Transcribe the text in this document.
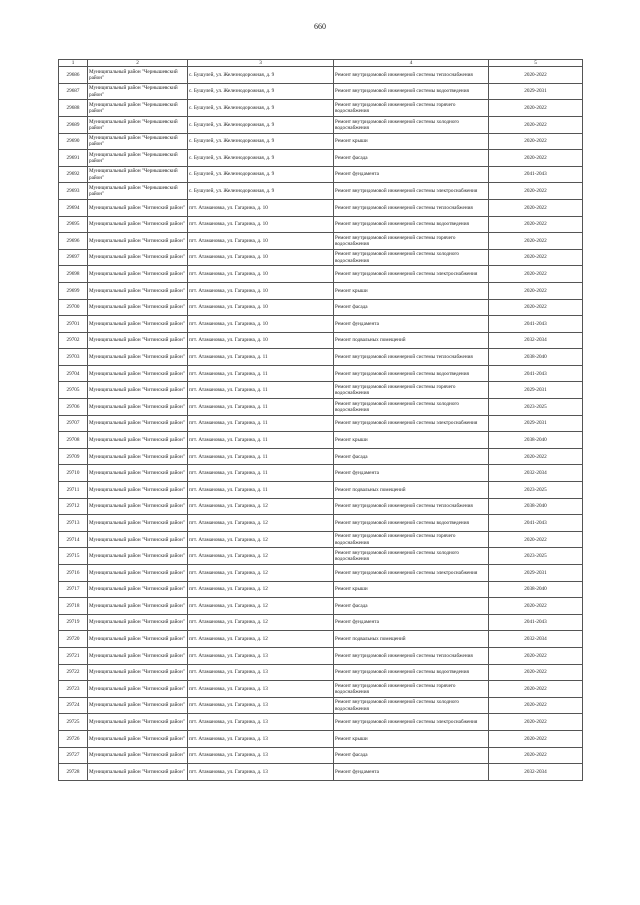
660
1	2	3	4	5
29686	Муниципальный район "Чернышевский район"	с. Бушулей, ул. Железнодорожная, д. 9	Ремонт внутридомовой инженерной системы теплоснабжения	2020-2022
29687	Муниципальный район "Чернышевский район"	с. Бушулей, ул. Железнодорожная, д. 9	Ремонт внутридомовой инженерной системы водоотведения	2029-2031
29688	Муниципальный район "Чернышевский район"	с. Бушулей, ул. Железнодорожная, д. 9	Ремонт внутридомовой инженерной системы горячего водоснабжения	2020-2022
29689	Муниципальный район "Чернышевский район"	с. Бушулей, ул. Железнодорожная, д. 9	Ремонт внутридомовой инженерной системы холодного водоснабжения	2020-2022
29690	Муниципальный район "Чернышевский район"	с. Бушулей, ул. Железнодорожная, д. 9	Ремонт крыши	2020-2022
29691	Муниципальный район "Чернышевский район"	с. Бушулей, ул. Железнодорожная, д. 9	Ремонт фасада	2020-2022
29692	Муниципальный район "Чернышевский район"	с. Бушулей, ул. Железнодорожная, д. 9	Ремонт фундамента	2041-2043
29693	Муниципальный район "Чернышевский район"	с. Бушулей, ул. Железнодорожная, д. 9	Ремонт внутридомовой инженерной системы электроснабжения	2020-2022
29694	Муниципальный район "Читинский район"	пгт. Атамановка, ул. Гагарина, д. 10	Ремонт внутридомовой инженерной системы теплоснабжения	2020-2022
29695	Муниципальный район "Читинский район"	пгт. Атамановка, ул. Гагарина, д. 10	Ремонт внутридомовой инженерной системы водоотведения	2020-2022
29696	Муниципальный район "Читинский район"	пгт. Атамановка, ул. Гагарина, д. 10	Ремонт внутридомовой инженерной системы горячего водоснабжения	2020-2022
29697	Муниципальный район "Читинский район"	пгт. Атамановка, ул. Гагарина, д. 10	Ремонт внутридомовой инженерной системы холодного водоснабжения	2020-2022
29698	Муниципальный район "Читинский район"	пгт. Атамановка, ул. Гагарина, д. 10	Ремонт внутридомовой инженерной системы электроснабжения	2020-2022
29699	Муниципальный район "Читинский район"	пгт. Атамановка, ул. Гагарина, д. 10	Ремонт крыши	2020-2022
29700	Муниципальный район "Читинский район"	пгт. Атамановка, ул. Гагарина, д. 10	Ремонт фасада	2020-2022
29701	Муниципальный район "Читинский район"	пгт. Атамановка, ул. Гагарина, д. 10	Ремонт фундамента	2041-2043
29702	Муниципальный район "Читинский район"	пгт. Атамановка, ул. Гагарина, д. 10	Ремонт подвальных помещений	2032-2034
29703	Муниципальный район "Читинский район"	пгт. Атамановка, ул. Гагарина, д. 11	Ремонт внутридомовой инженерной системы теплоснабжения	2038-2040
29704	Муниципальный район "Читинский район"	пгт. Атамановка, ул. Гагарина, д. 11	Ремонт внутридомовой инженерной системы водоотведения	2041-2043
29705	Муниципальный район "Читинский район"	пгт. Атамановка, ул. Гагарина, д. 11	Ремонт внутридомовой инженерной системы горячего водоснабжения	2029-2031
29706	Муниципальный район "Читинский район"	пгт. Атамановка, ул. Гагарина, д. 11	Ремонт внутридомовой инженерной системы холодного водоснабжения	2023-2025
29707	Муниципальный район "Читинский район"	пгт. Атамановка, ул. Гагарина, д. 11	Ремонт внутридомовой инженерной системы электроснабжения	2029-2031
29708	Муниципальный район "Читинский район"	пгт. Атамановка, ул. Гагарина, д. 11	Ремонт крыши	2038-2040
29709	Муниципальный район "Читинский район"	пгт. Атамановка, ул. Гагарина, д. 11	Ремонт фасада	2020-2022
29710	Муниципальный район "Читинский район"	пгт. Атамановка, ул. Гагарина, д. 11	Ремонт фундамента	2032-2034
29711	Муниципальный район "Читинский район"	пгт. Атамановка, ул. Гагарина, д. 11	Ремонт подвальных помещений	2023-2025
29712	Муниципальный район "Читинский район"	пгт. Атамановка, ул. Гагарина, д. 12	Ремонт внутридомовой инженерной системы теплоснабжения	2038-2040
29713	Муниципальный район "Читинский район"	пгт. Атамановка, ул. Гагарина, д. 12	Ремонт внутридомовой инженерной системы водоотведения	2041-2043
29714	Муниципальный район "Читинский район"	пгт. Атамановка, ул. Гагарина, д. 12	Ремонт внутридомовой инженерной системы горячего водоснабжения	2020-2022
29715	Муниципальный район "Читинский район"	пгт. Атамановка, ул. Гагарина, д. 12	Ремонт внутридомовой инженерной системы холодного водоснабжения	2023-2025
29716	Муниципальный район "Читинский район"	пгт. Атамановка, ул. Гагарина, д. 12	Ремонт внутридомовой инженерной системы электроснабжения	2029-2031
29717	Муниципальный район "Читинский район"	пгт. Атамановка, ул. Гагарина, д. 12	Ремонт крыши	2038-2040
29718	Муниципальный район "Читинский район"	пгт. Атамановка, ул. Гагарина, д. 12	Ремонт фасада	2020-2022
29719	Муниципальный район "Читинский район"	пгт. Атамановка, ул. Гагарина, д. 12	Ремонт фундамента	2041-2043
29720	Муниципальный район "Читинский район"	пгт. Атамановка, ул. Гагарина, д. 12	Ремонт подвальных помещений	2032-2034
29721	Муниципальный район "Читинский район"	пгт. Атамановка, ул. Гагарина, д. 13	Ремонт внутридомовой инженерной системы теплоснабжения	2020-2022
29722	Муниципальный район "Читинский район"	пгт. Атамановка, ул. Гагарина, д. 13	Ремонт внутридомовой инженерной системы водоотведения	2020-2022
29723	Муниципальный район "Читинский район"	пгт. Атамановка, ул. Гагарина, д. 13	Ремонт внутридомовой инженерной системы горячего водоснабжения	2020-2022
29724	Муниципальный район "Читинский район"	пгт. Атамановка, ул. Гагарина, д. 13	Ремонт внутридомовой инженерной системы холодного водоснабжения	2020-2022
29725	Муниципальный район "Читинский район"	пгт. Атамановка, ул. Гагарина, д. 13	Ремонт внутридомовой инженерной системы электроснабжения	2020-2022
29726	Муниципальный район "Читинский район"	пгт. Атамановка, ул. Гагарина, д. 13	Ремонт крыши	2020-2022
29727	Муниципальный район "Читинский район"	пгт. Атамановка, ул. Гагарина, д. 13	Ремонт фасада	2020-2022
29728	Муниципальный район "Читинский район"	пгт. Атамановка, ул. Гагарина, д. 13	Ремонт фундамента	2032-2034
